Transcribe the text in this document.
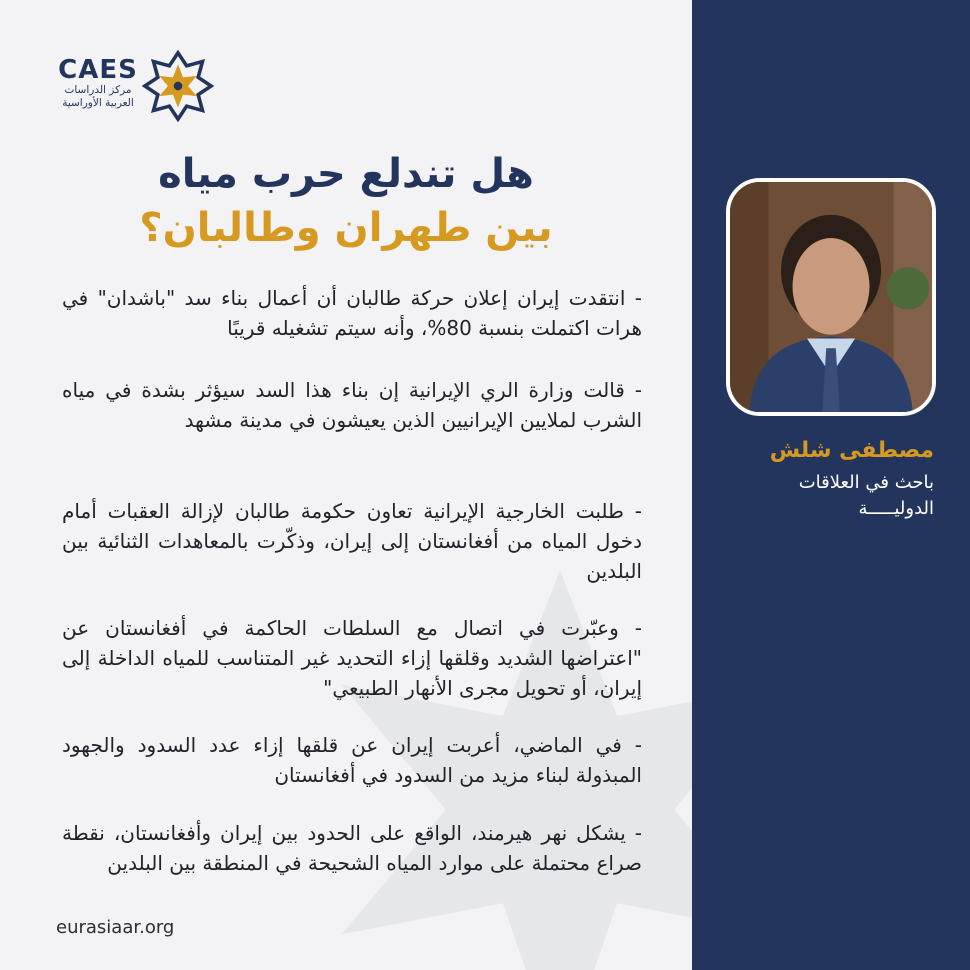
CAES
مركز الدراسات
العربية الأوراسية
هل تندلع حرب مياه
بين طهران وطالبان؟

- انتقدت إيران إعلان حركة طالبان أن أعمال بناء سد "باشدان" في هرات اكتملت بنسبة 80%، وأنه سيتم تشغيله قريبًا

- قالت وزارة الري الإيرانية إن بناء هذا السد سيؤثر بشدة في مياه الشرب لملايين الإيرانيين الذين يعيشون في مدينة مشهد

- طلبت الخارجية الإيرانية تعاون حكومة طالبان لإزالة العقبات أمام دخول المياه من أفغانستان إلى إيران، وذكّرت بالمعاهدات الثنائية بين البلدين

- وعبّرت في اتصال مع السلطات الحاكمة في أفغانستان عن "اعتراضها الشديد وقلقها إزاء التحديد غير المتناسب للمياه الداخلة إلى إيران، أو تحويل مجرى الأنهار الطبيعي"

- في الماضي، أعربت إيران عن قلقها إزاء عدد السدود والجهود المبذولة لبناء مزيد من السدود في أفغانستان

- يشكل نهر هيرمند، الواقع على الحدود بين إيران وأفغانستان، نقطة صراع محتملة على موارد المياه الشحيحة في المنطقة بين البلدين

eurasiaar.org
مصطفى شلش
باحث في العلاقات
الدوليـــــة
